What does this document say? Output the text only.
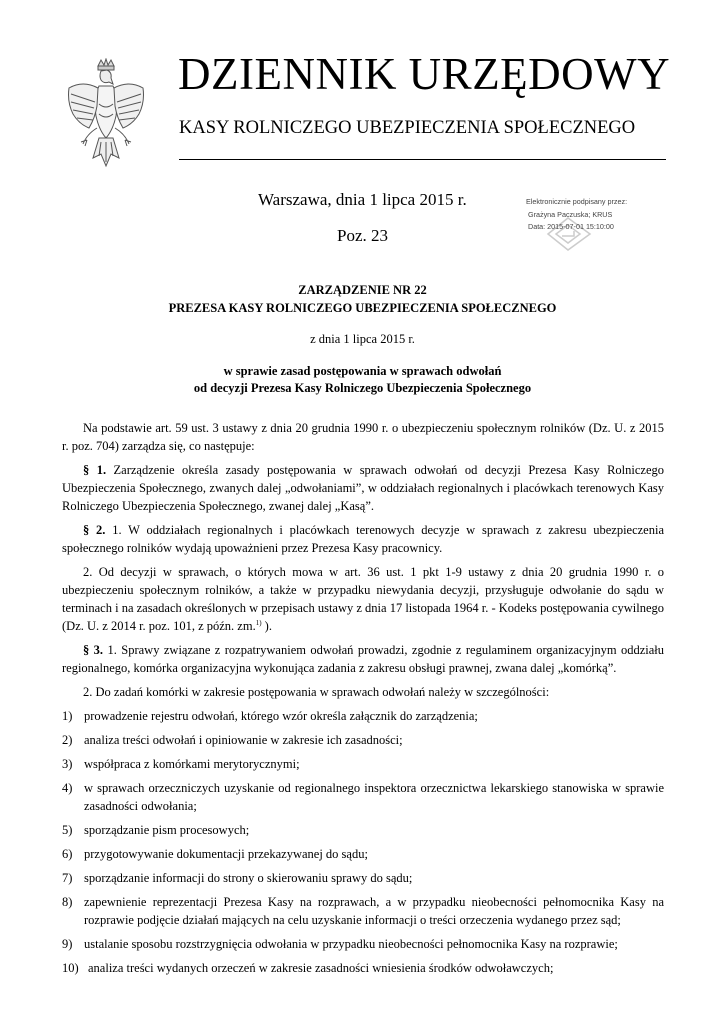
DZIENNIK URZĘDOWY
KASY ROLNICZEGO UBEZPIECZENIA SPOŁECZNEGO
Warszawa, dnia 1 lipca 2015 r.
Poz. 23
Elektronicznie podpisany przez:
Grażyna Paczuska; KRUS
Data: 2015-07-01 15:10:00
ZARZĄDZENIE NR 22
PREZESA KASY ROLNICZEGO UBEZPIECZENIA SPOŁECZNEGO
z dnia 1 lipca 2015 r.
w sprawie zasad postępowania w sprawach odwołań
od decyzji Prezesa Kasy Rolniczego Ubezpieczenia Społecznego

Na podstawie art. 59 ust. 3 ustawy z dnia 20 grudnia 1990 r. o ubezpieczeniu społecznym rolników (Dz. U. z 2015 r. poz. 704) zarządza się, co następuje:

§ 1. Zarządzenie określa zasady postępowania w sprawach odwołań od decyzji Prezesa Kasy Rolniczego Ubezpieczenia Społecznego, zwanych dalej „odwołaniami”, w oddziałach regionalnych i placówkach terenowych Kasy Rolniczego Ubezpieczenia Społecznego, zwanej dalej „Kasą”.

§ 2. 1. W oddziałach regionalnych i placówkach terenowych decyzje w sprawach z zakresu ubezpieczenia społecznego rolników wydają upoważnieni przez Prezesa Kasy pracownicy.

2. Od decyzji w sprawach, o których mowa w art. 36 ust. 1 pkt 1-9 ustawy z dnia 20 grudnia 1990 r. o ubezpieczeniu społecznym rolników, a także w przypadku niewydania decyzji, przysługuje odwołanie do sądu w terminach i na zasadach określonych w przepisach ustawy z dnia 17 listopada 1964 r. - Kodeks postępowania cywilnego (Dz. U. z 2014 r. poz. 101, z późn. zm.$^{1)}$ ).

§ 3. 1. Sprawy związane z rozpatrywaniem odwołań prowadzi, zgodnie z regulaminem organizacyjnym oddziału regionalnego, komórka organizacyjna wykonująca zadania z zakresu obsługi prawnej, zwana dalej „komórką”.

2. Do zadań komórki w zakresie postępowania w sprawach odwołań należy w szczególności:

1) prowadzenie rejestru odwołań, którego wzór określa załącznik do zarządzenia;
2) analiza treści odwołań i opiniowanie w zakresie ich zasadności;
3) współpraca z komórkami merytorycznymi;
4) w sprawach orzeczniczych uzyskanie od regionalnego inspektora orzecznictwa lekarskiego stanowiska w sprawie zasadności odwołania;
5) sporządzanie pism procesowych;
6) przygotowywanie dokumentacji przekazywanej do sądu;
7) sporządzanie informacji do strony o skierowaniu sprawy do sądu;
8) zapewnienie reprezentacji Prezesa Kasy na rozprawach, a w przypadku nieobecności pełnomocnika Kasy na rozprawie podjęcie działań mających na celu uzyskanie informacji o treści orzeczenia wydanego przez sąd;
9) ustalanie sposobu rozstrzygnięcia odwołania w przypadku nieobecności pełnomocnika Kasy na rozprawie;
10) analiza treści wydanych orzeczeń w zakresie zasadności wniesienia środków odwoławczych;
